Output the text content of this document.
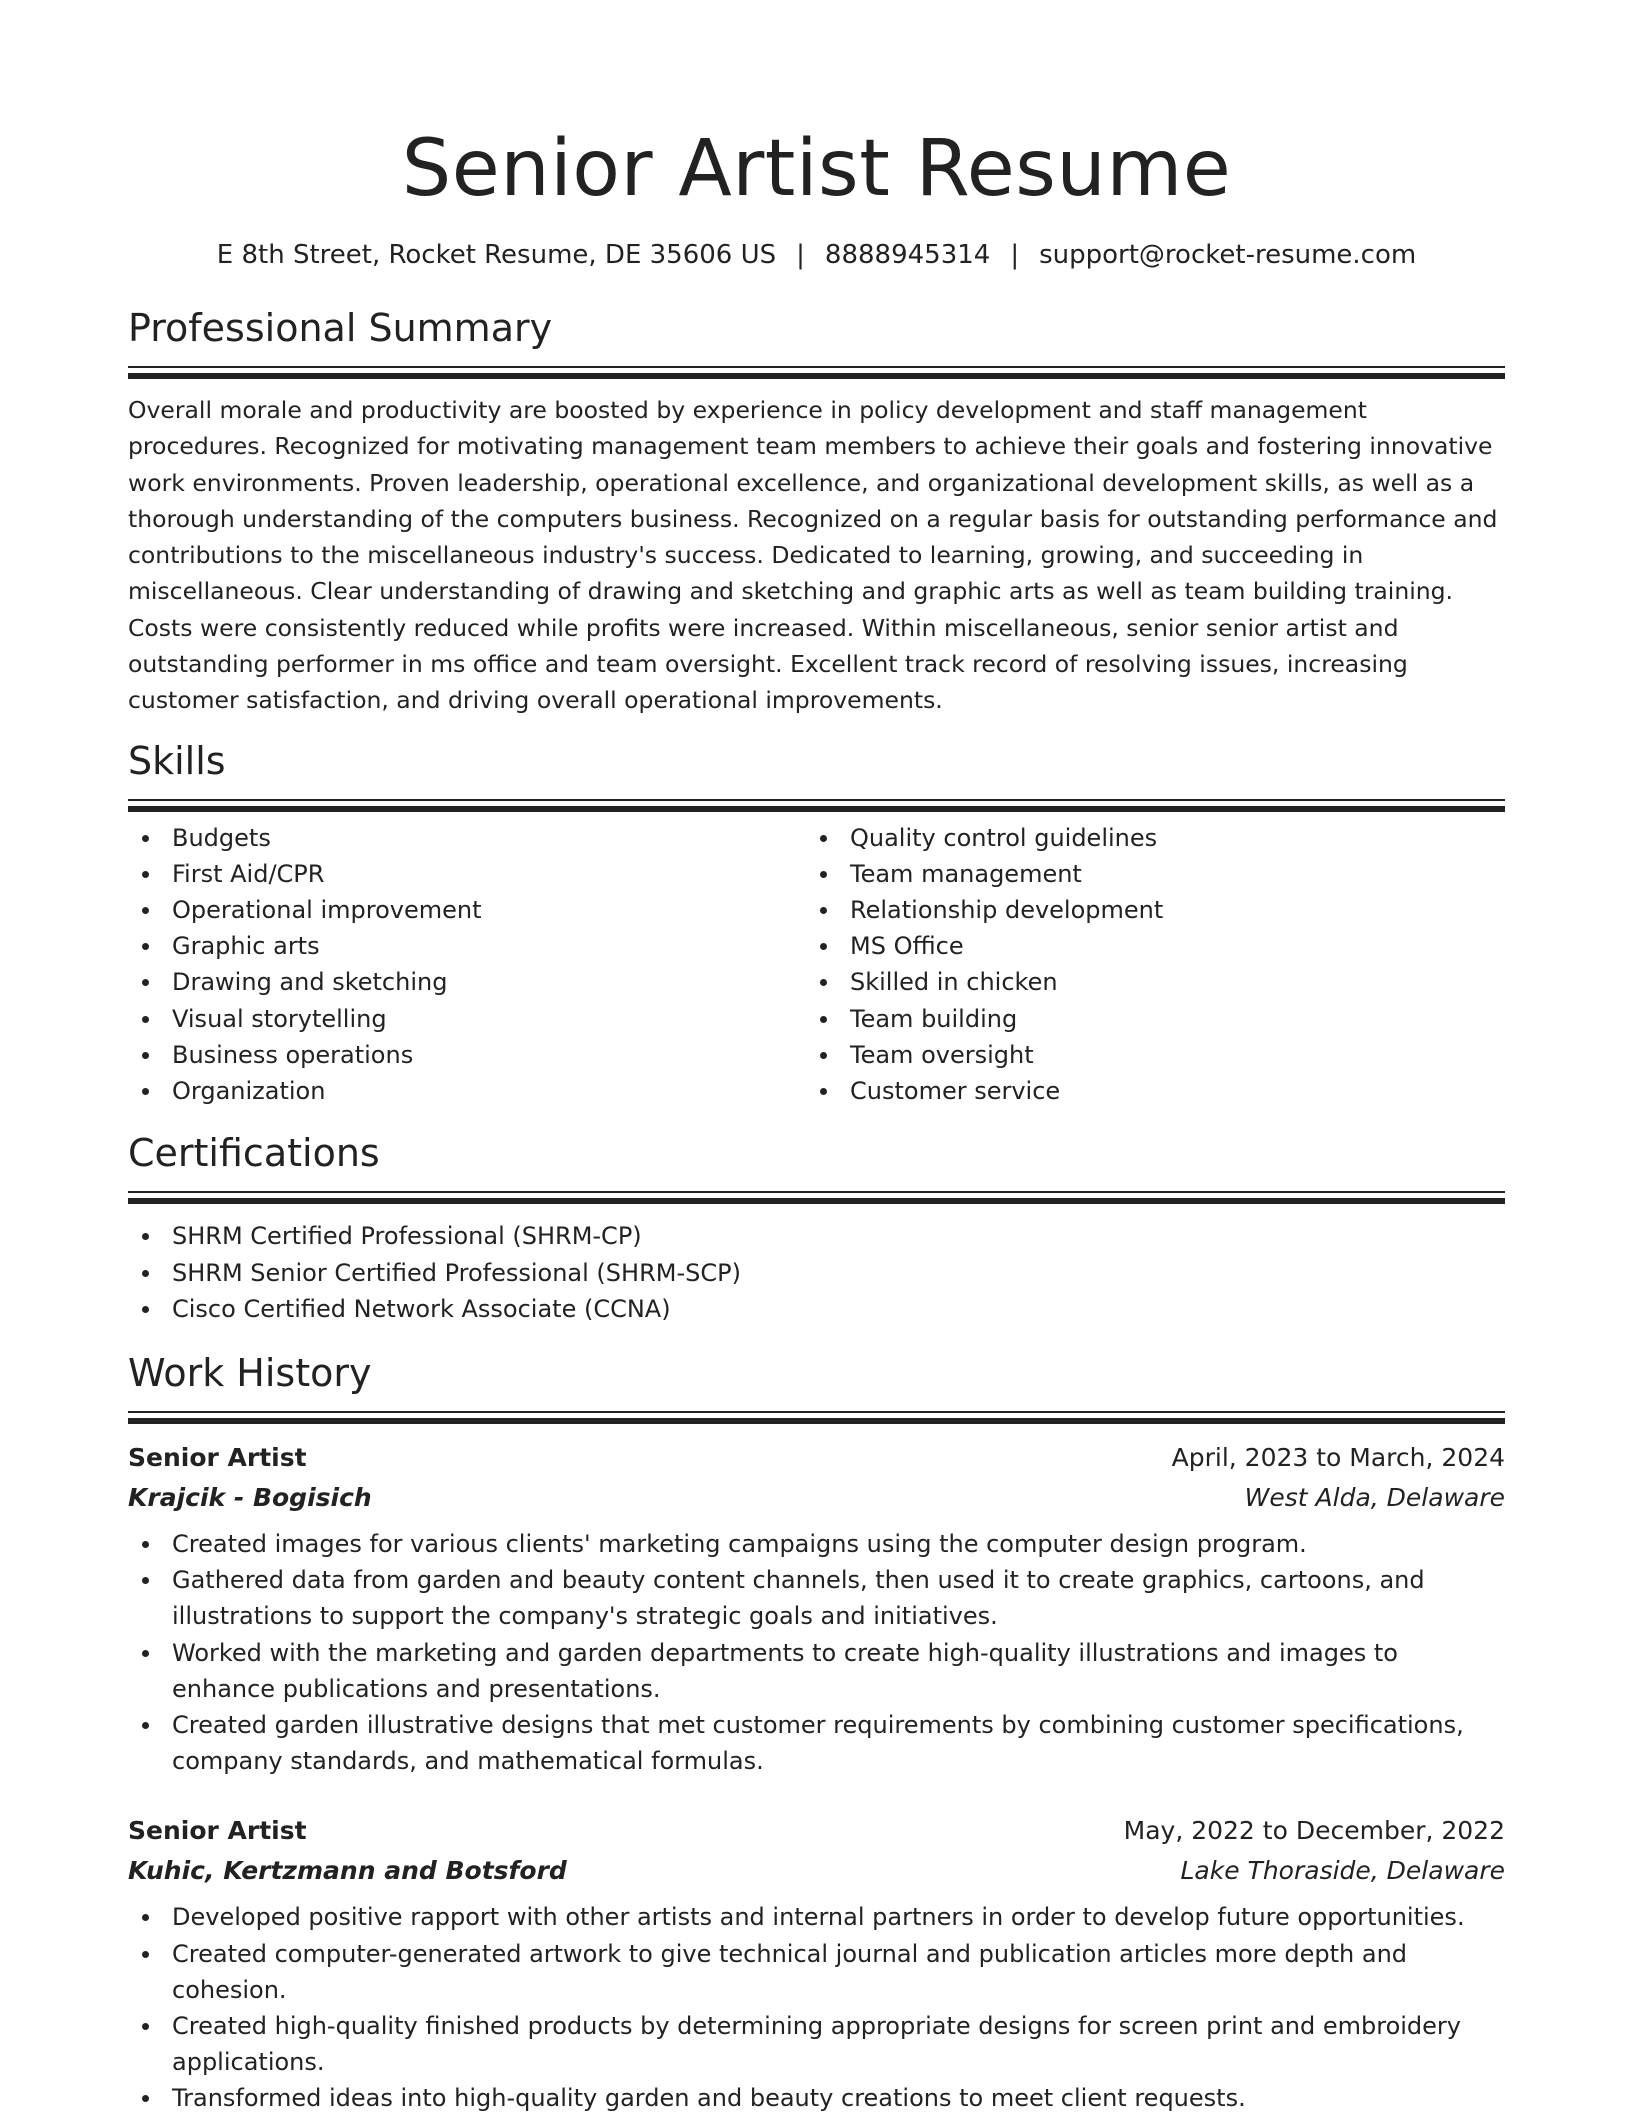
Senior Artist Resume
E 8th Street, Rocket Resume, DE 35606 US | 8888945314 | support@rocket-resume.com
Professional Summary

Overall morale and productivity are boosted by experience in policy development and staff management procedures. Recognized for motivating management team members to achieve their goals and fostering innovative work environments. Proven leadership, operational excellence, and organizational development skills, as well as a thorough understanding of the computers business. Recognized on a regular basis for outstanding performance and contributions to the miscellaneous industry's success. Dedicated to learning, growing, and succeeding in miscellaneous. Clear understanding of drawing and sketching and graphic arts as well as team building training. Costs were consistently reduced while profits were increased. Within miscellaneous, senior senior artist and outstanding performer in ms office and team oversight. Excellent track record of resolving issues, increasing customer satisfaction, and driving overall operational improvements.

Skills
Budgets
First Aid/CPR
Operational improvement
Graphic arts
Drawing and sketching
Visual storytelling
Business operations
Organization
Quality control guidelines
Team management
Relationship development
MS Office
Skilled in chicken
Team building
Team oversight
Customer service
Certifications
SHRM Certified Professional (SHRM-CP)
SHRM Senior Certified Professional (SHRM-SCP)
Cisco Certified Network Associate (CCNA)
Work History
Senior Artist	April, 2023 to March, 2024
Krajcik - Bogisich	West Alda, Delaware
Created images for various clients' marketing campaigns using the computer design program.
Gathered data from garden and beauty content channels, then used it to create graphics, cartoons, and illustrations to support the company's strategic goals and initiatives.
Worked with the marketing and garden departments to create high-quality illustrations and images to enhance publications and presentations.
Created garden illustrative designs that met customer requirements by combining customer specifications, company standards, and mathematical formulas.
Senior Artist	May, 2022 to December, 2022
Kuhic, Kertzmann and Botsford	Lake Thoraside, Delaware
Developed positive rapport with other artists and internal partners in order to develop future opportunities.
Created computer-generated artwork to give technical journal and publication articles more depth and cohesion.
Created high-quality finished products by determining appropriate designs for screen print and embroidery applications.
Transformed ideas into high-quality garden and beauty creations to meet client requests.
